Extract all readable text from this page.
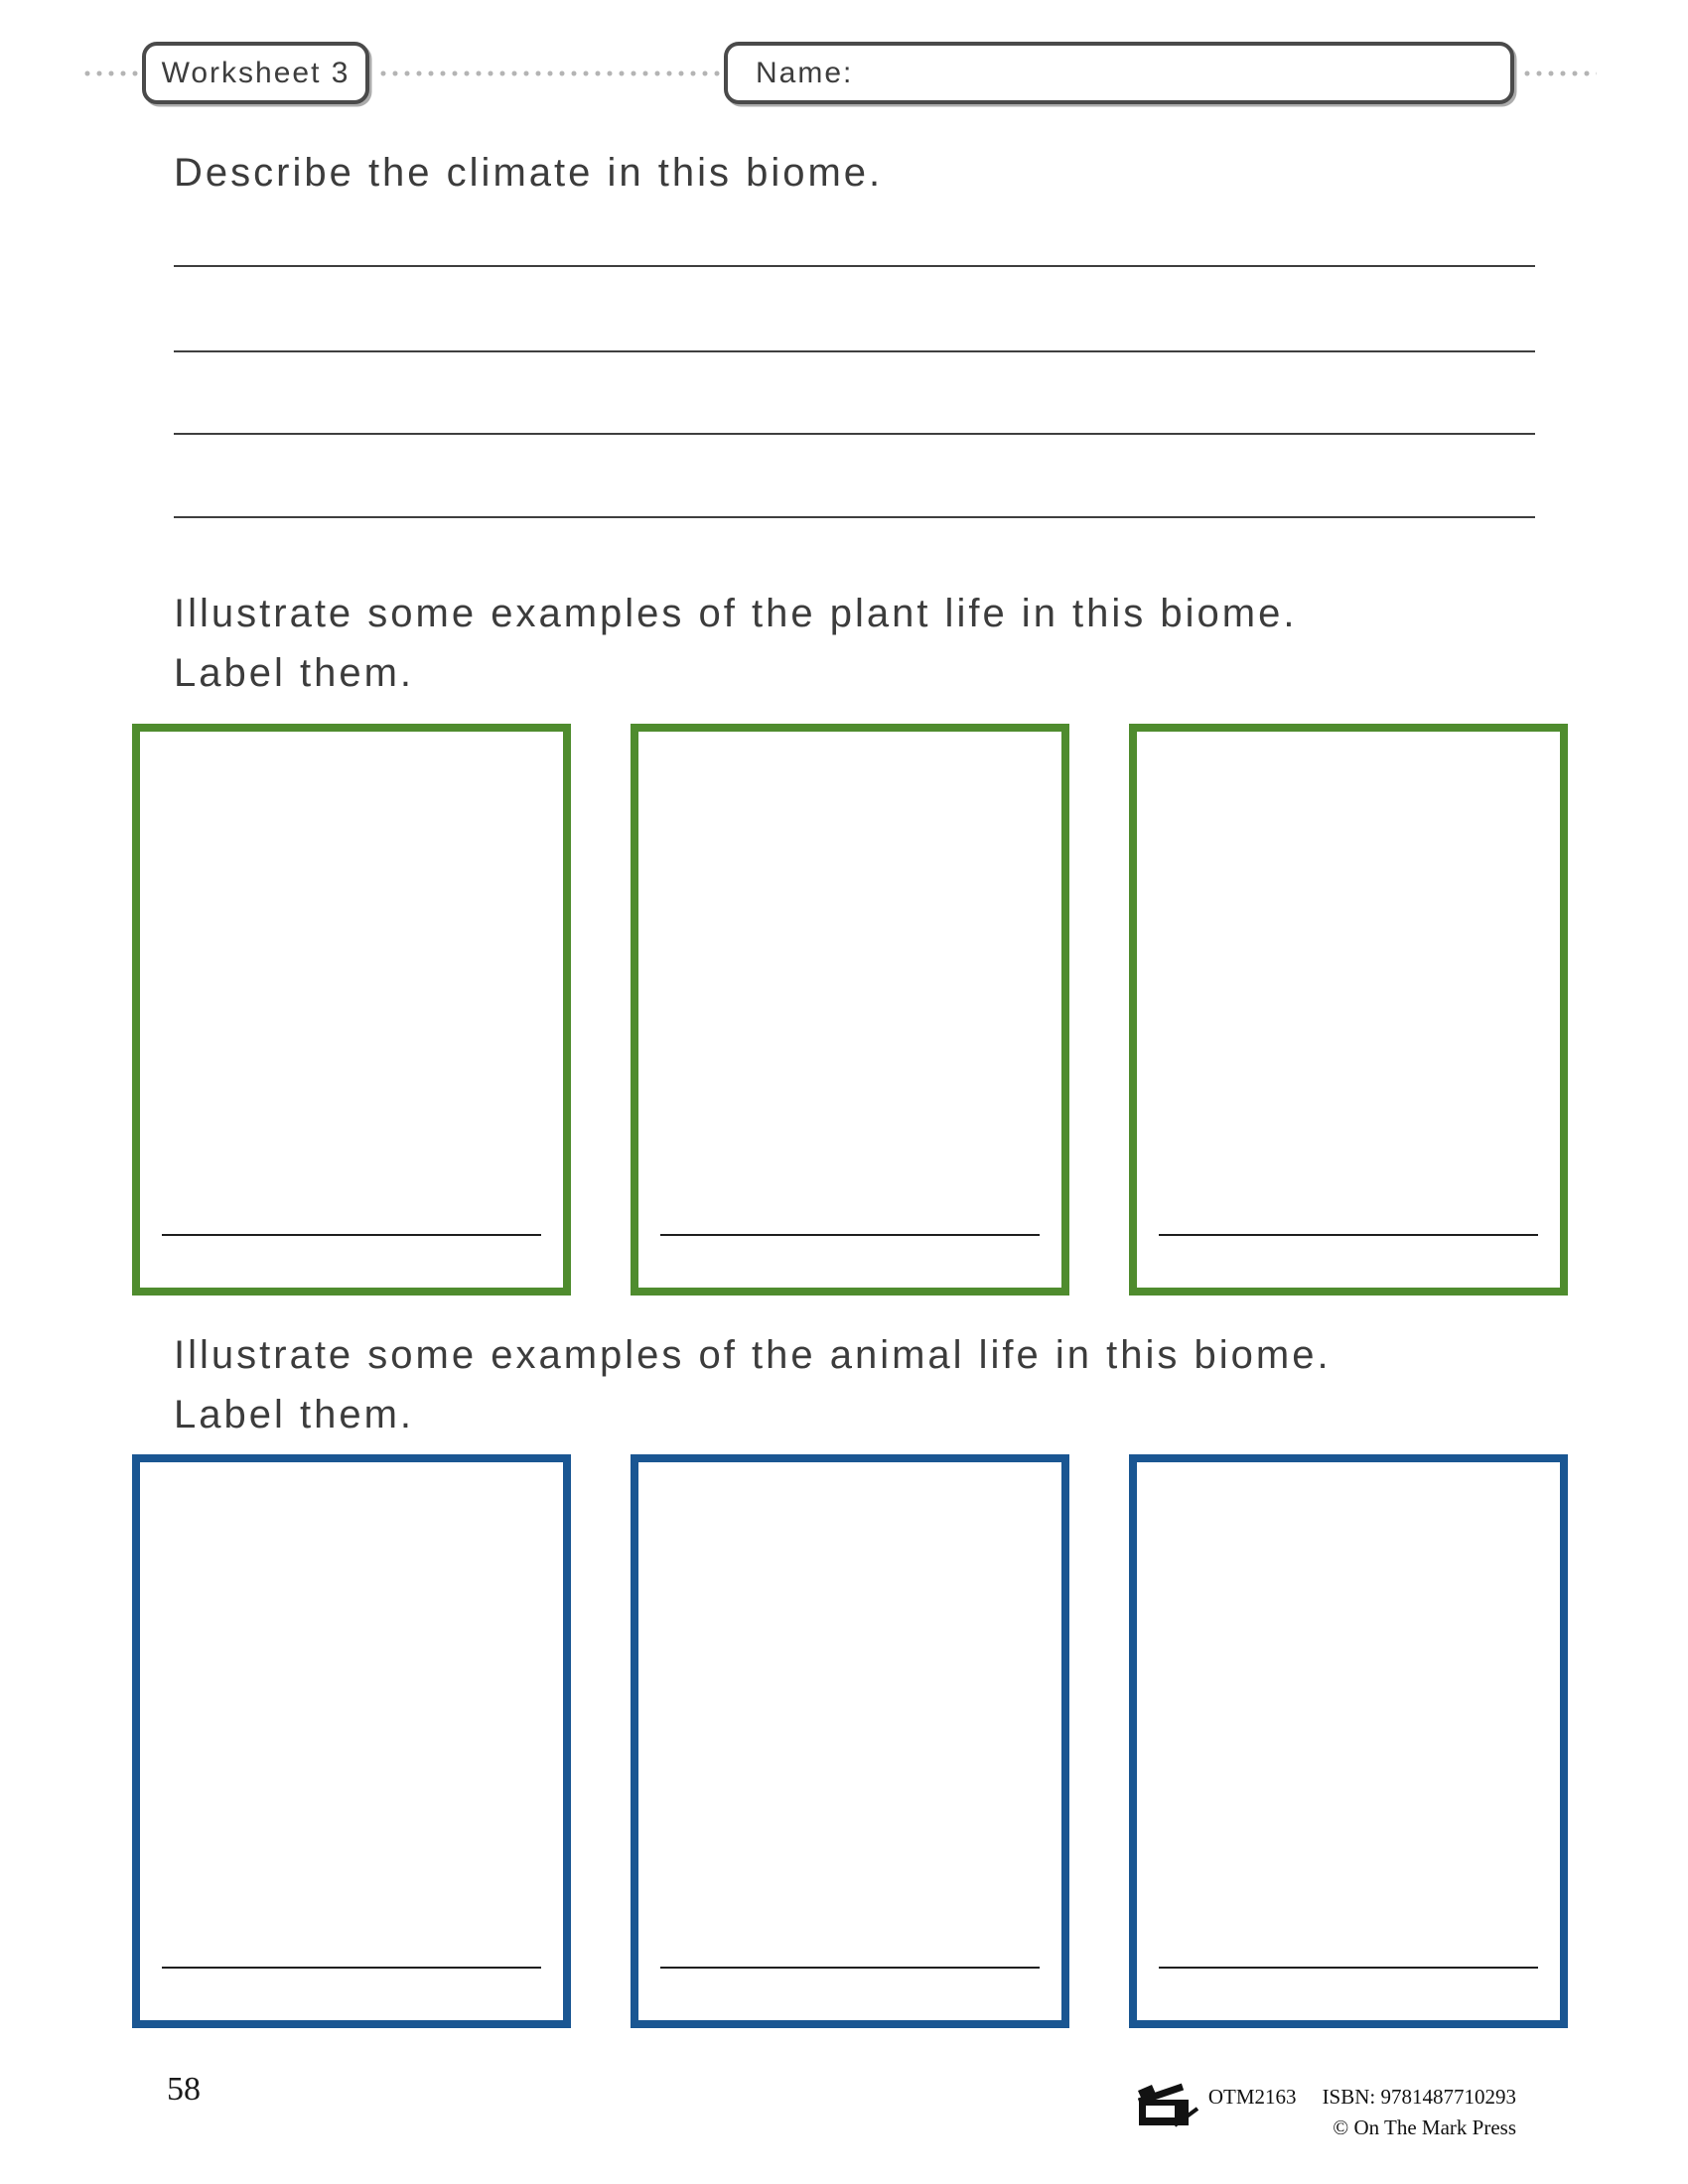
Worksheet 3	Name:
Describe the climate in this biome.
Illustrate some examples of the plant life in this biome.
Label them.
Illustrate some examples of the animal life in this biome.
Label them.
58	OTM2163 ISBN: 9781487710293
© On The Mark Press
